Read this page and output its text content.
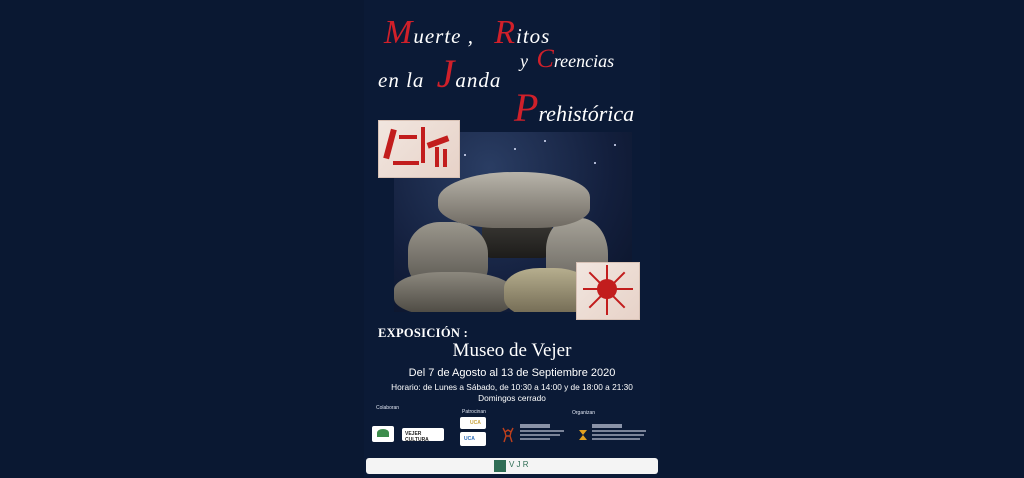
Muerte , Ritos
en la Janda
y Creencias
Prehistórica
EXPOSICIÓN :
Museo de Vejer
Del 7 de Agosto al 13 de Septiembre 2020
Horario: de Lunes a Sábado, de 10:30 a 14:00 y de 18:00 a 21:30
Domingos cerrado
Colaboran
VEJER CULTURA
Patrocinan
UCA
UCA
Organizan
V J R
